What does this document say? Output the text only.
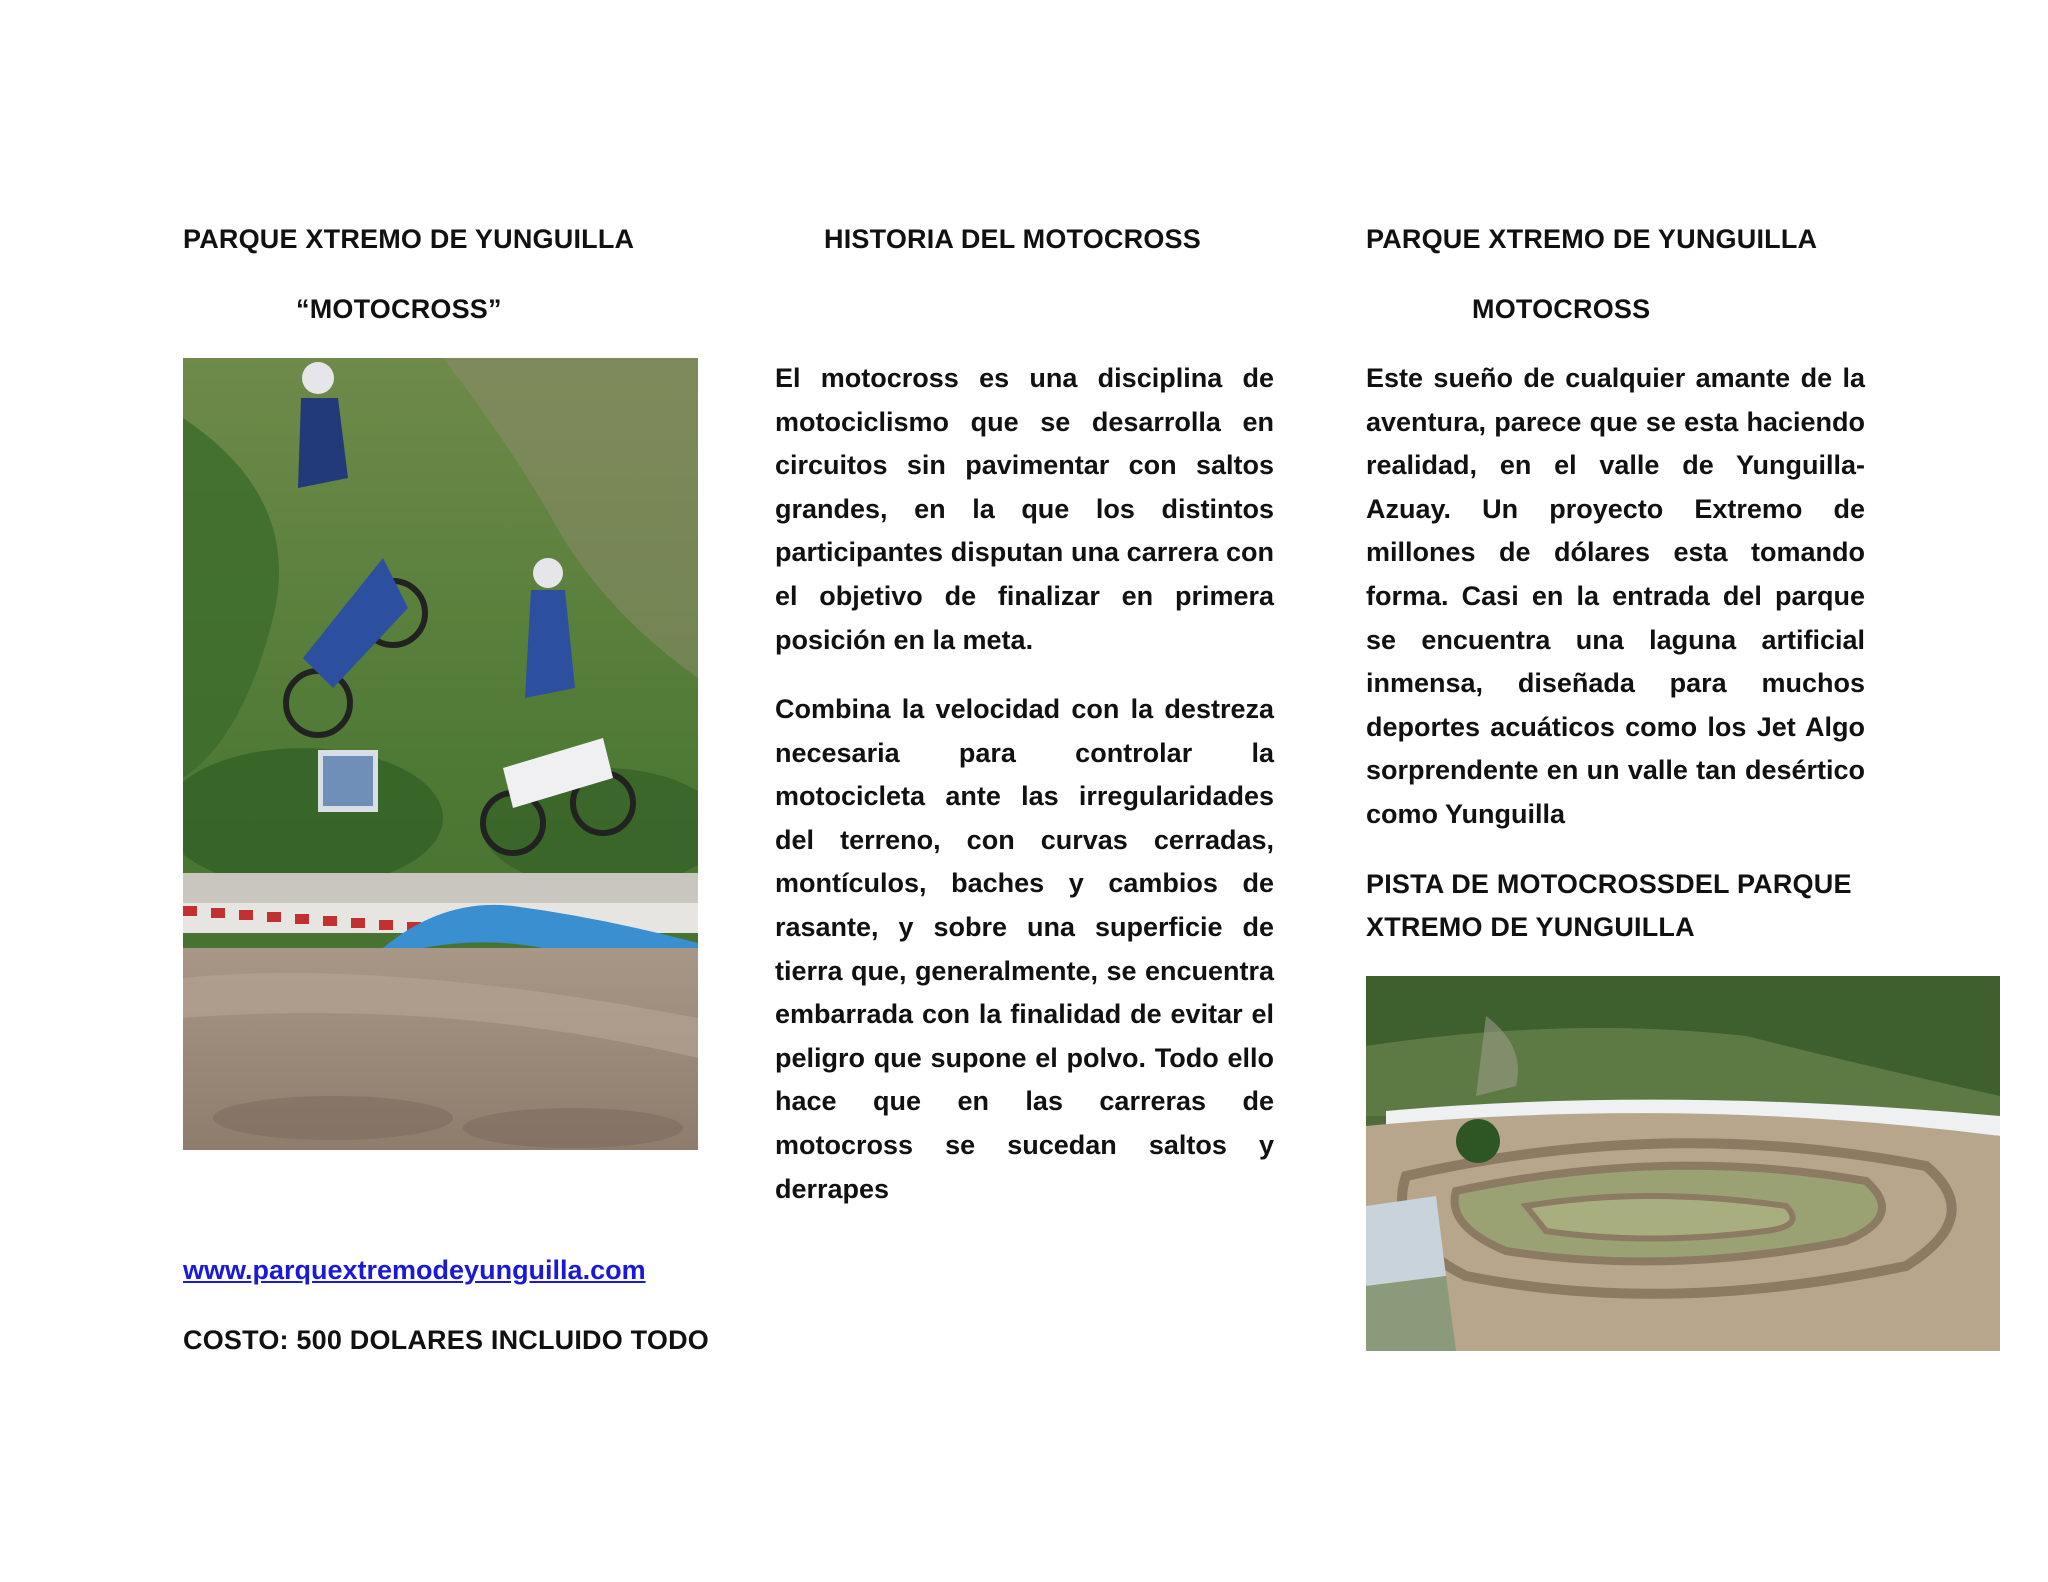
PARQUE XTREMO DE YUNGUILLA
“MOTOCROSS”
www.parquextremodeyunguilla.com
COSTO: 500 DOLARES INCLUIDO TODO
HISTORIA DEL MOTOCROSS

El motocross es una disciplina de motociclismo que se desarrolla en circuitos sin pavimentar con saltos grandes, en la que los distintos participantes disputan una carrera con el objetivo de finalizar en primera posición en la meta.

Combina la velocidad con la destreza necesaria para controlar la motocicleta ante las irregularidades del terreno, con curvas cerradas, montículos, baches y cambios de rasante, y sobre una superficie de tierra que, generalmente, se encuentra embarrada con la finalidad de evitar el peligro que supone el polvo. Todo ello hace que en las carreras de motocross se sucedan saltos y derrapes

PARQUE XTREMO DE YUNGUILLA
MOTOCROSS

Este sueño de cualquier amante de la aventura, parece que se esta haciendo realidad, en el valle de Yunguilla-Azuay. Un proyecto Extremo de millones de dólares esta tomando forma. Casi en la entrada del parque se encuentra una laguna artificial inmensa, diseñada para muchos deportes acuáticos como los Jet Algo sorprendente en un valle tan desértico como Yunguilla

PISTA DE MOTOCROSSDEL PARQUE
XTREMO DE YUNGUILLA
